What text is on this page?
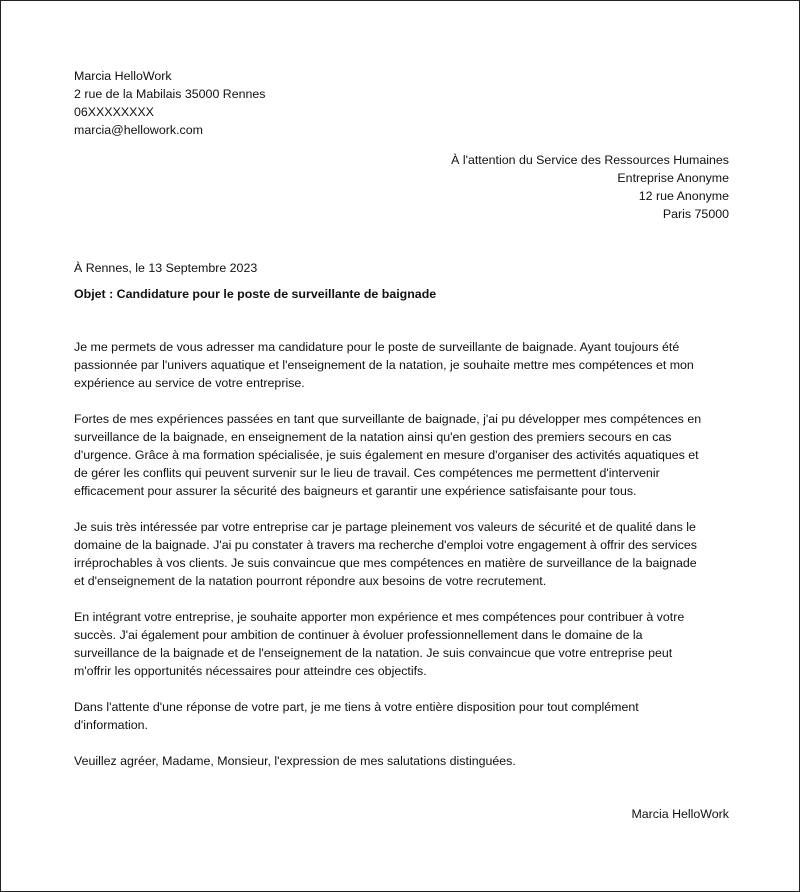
Marcia HelloWork
2 rue de la Mabilais 35000 Rennes
06XXXXXXXX
marcia@hellowork.com
À l'attention du Service des Ressources Humaines
Entreprise Anonyme
12 rue Anonyme
Paris 75000
À Rennes, le 13 Septembre 2023
Objet : Candidature pour le poste de surveillante de baignade
Je me permets de vous adresser ma candidature pour le poste de surveillante de baignade. Ayant toujours été
passionnée par l'univers aquatique et l'enseignement de la natation, je souhaite mettre mes compétences et mon
expérience au service de votre entreprise.
Fortes de mes expériences passées en tant que surveillante de baignade, j'ai pu développer mes compétences en
surveillance de la baignade, en enseignement de la natation ainsi qu'en gestion des premiers secours en cas
d'urgence. Grâce à ma formation spécialisée, je suis également en mesure d'organiser des activités aquatiques et
de gérer les conflits qui peuvent survenir sur le lieu de travail. Ces compétences me permettent d'intervenir
efficacement pour assurer la sécurité des baigneurs et garantir une expérience satisfaisante pour tous.
Je suis très intéressée par votre entreprise car je partage pleinement vos valeurs de sécurité et de qualité dans le
domaine de la baignade. J'ai pu constater à travers ma recherche d'emploi votre engagement à offrir des services
irréprochables à vos clients. Je suis convaincue que mes compétences en matière de surveillance de la baignade
et d'enseignement de la natation pourront répondre aux besoins de votre recrutement.
En intégrant votre entreprise, je souhaite apporter mon expérience et mes compétences pour contribuer à votre
succès. J'ai également pour ambition de continuer à évoluer professionnellement dans le domaine de la
surveillance de la baignade et de l'enseignement de la natation. Je suis convaincue que votre entreprise peut
m'offrir les opportunités nécessaires pour atteindre ces objectifs.
Dans l'attente d'une réponse de votre part, je me tiens à votre entière disposition pour tout complément
d'information.
Veuillez agréer, Madame, Monsieur, l'expression de mes salutations distinguées.
Marcia HelloWork
